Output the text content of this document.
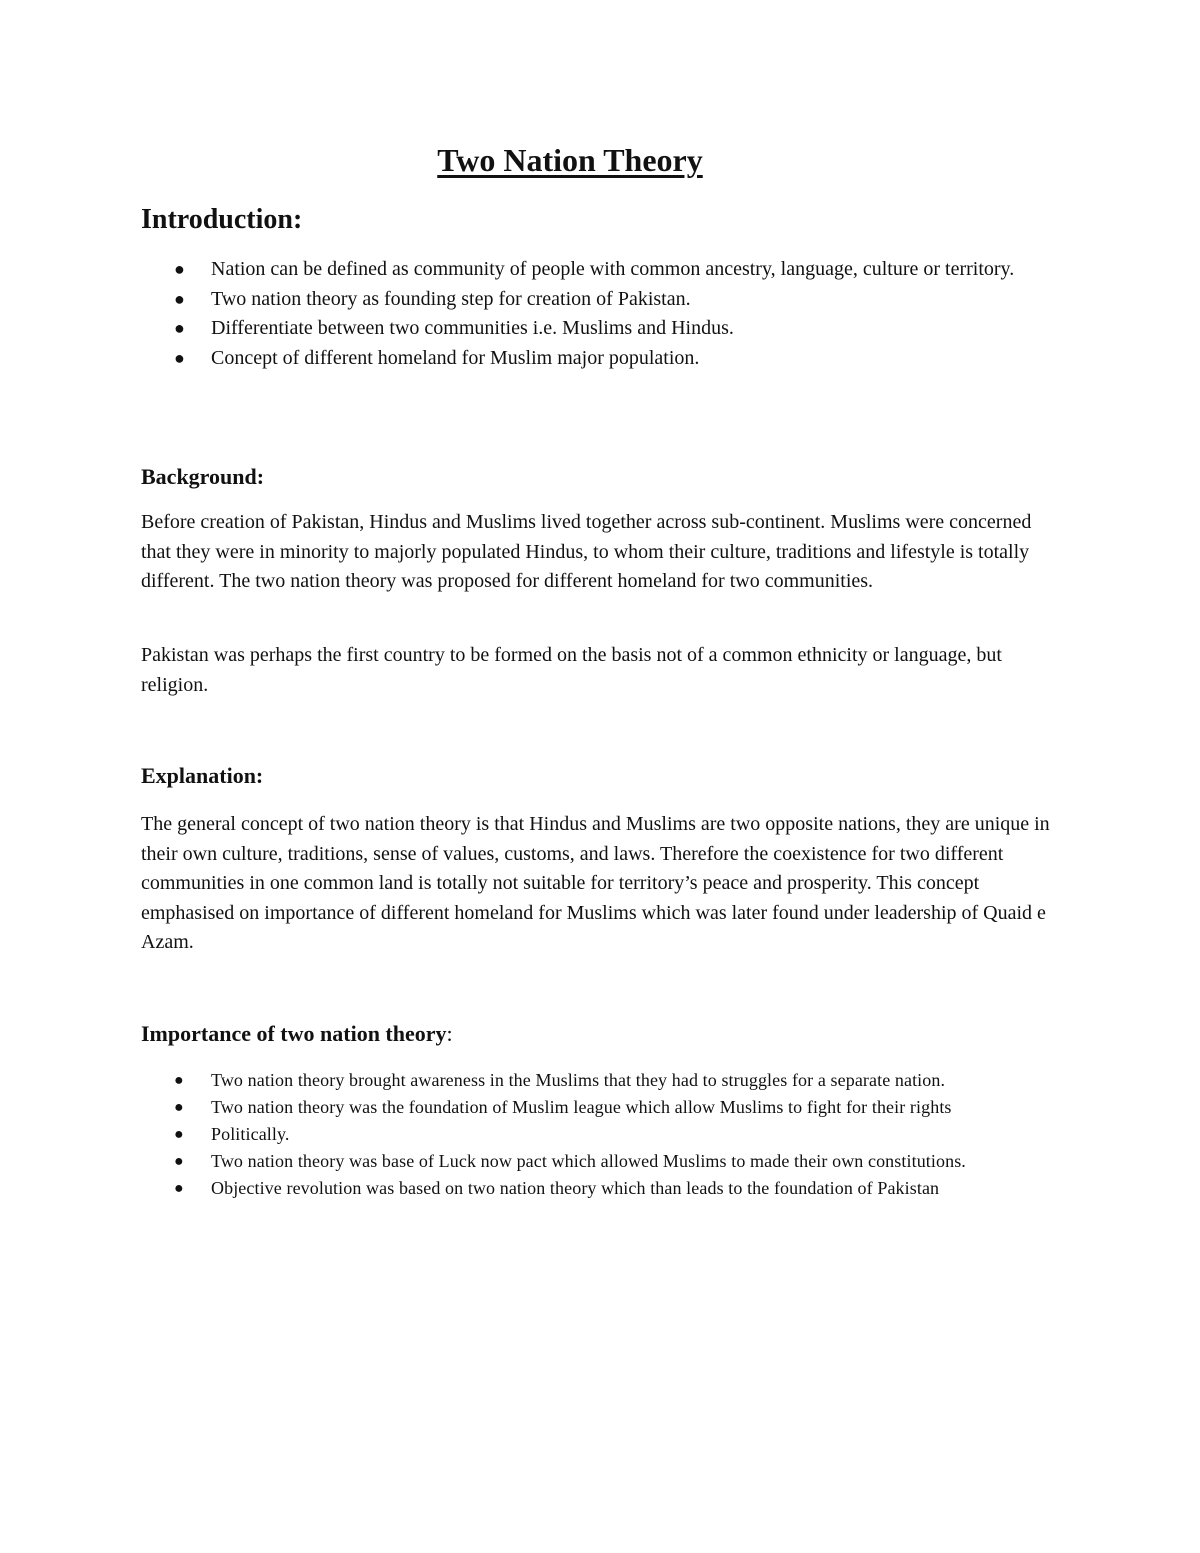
Two Nation Theory
Introduction:
● Nation can be defined as community of people with common ancestry, language, culture or territory.
● Two nation theory as founding step for creation of Pakistan.
● Differentiate between two communities i.e. Muslims and Hindus.
● Concept of different homeland for Muslim major population.
Background:

Before creation of Pakistan, Hindus and Muslims lived together across sub-continent. Muslims were concerned that they were in minority to majorly populated Hindus, to whom their culture, traditions and lifestyle is totally different. The two nation theory was proposed for different homeland for two communities.

Pakistan was perhaps the first country to be formed on the basis not of a common ethnicity or language, but religion.

Explanation:

The general concept of two nation theory is that Hindus and Muslims are two opposite nations, they are unique in their own culture, traditions, sense of values, customs, and laws. Therefore the coexistence for two different communities in one common land is totally not suitable for territory’s peace and prosperity. This concept emphasised on importance of different homeland for Muslims which was later found under leadership of Quaid e Azam.

Importance of two nation theory:
● Two nation theory brought awareness in the Muslims that they had to struggles for a separate nation.
● Two nation theory was the foundation of Muslim league which allow Muslims to fight for their rights
● Politically.
● Two nation theory was base of Luck now pact which allowed Muslims to made their own constitutions.
● Objective revolution was based on two nation theory which than leads to the foundation of Pakistan
